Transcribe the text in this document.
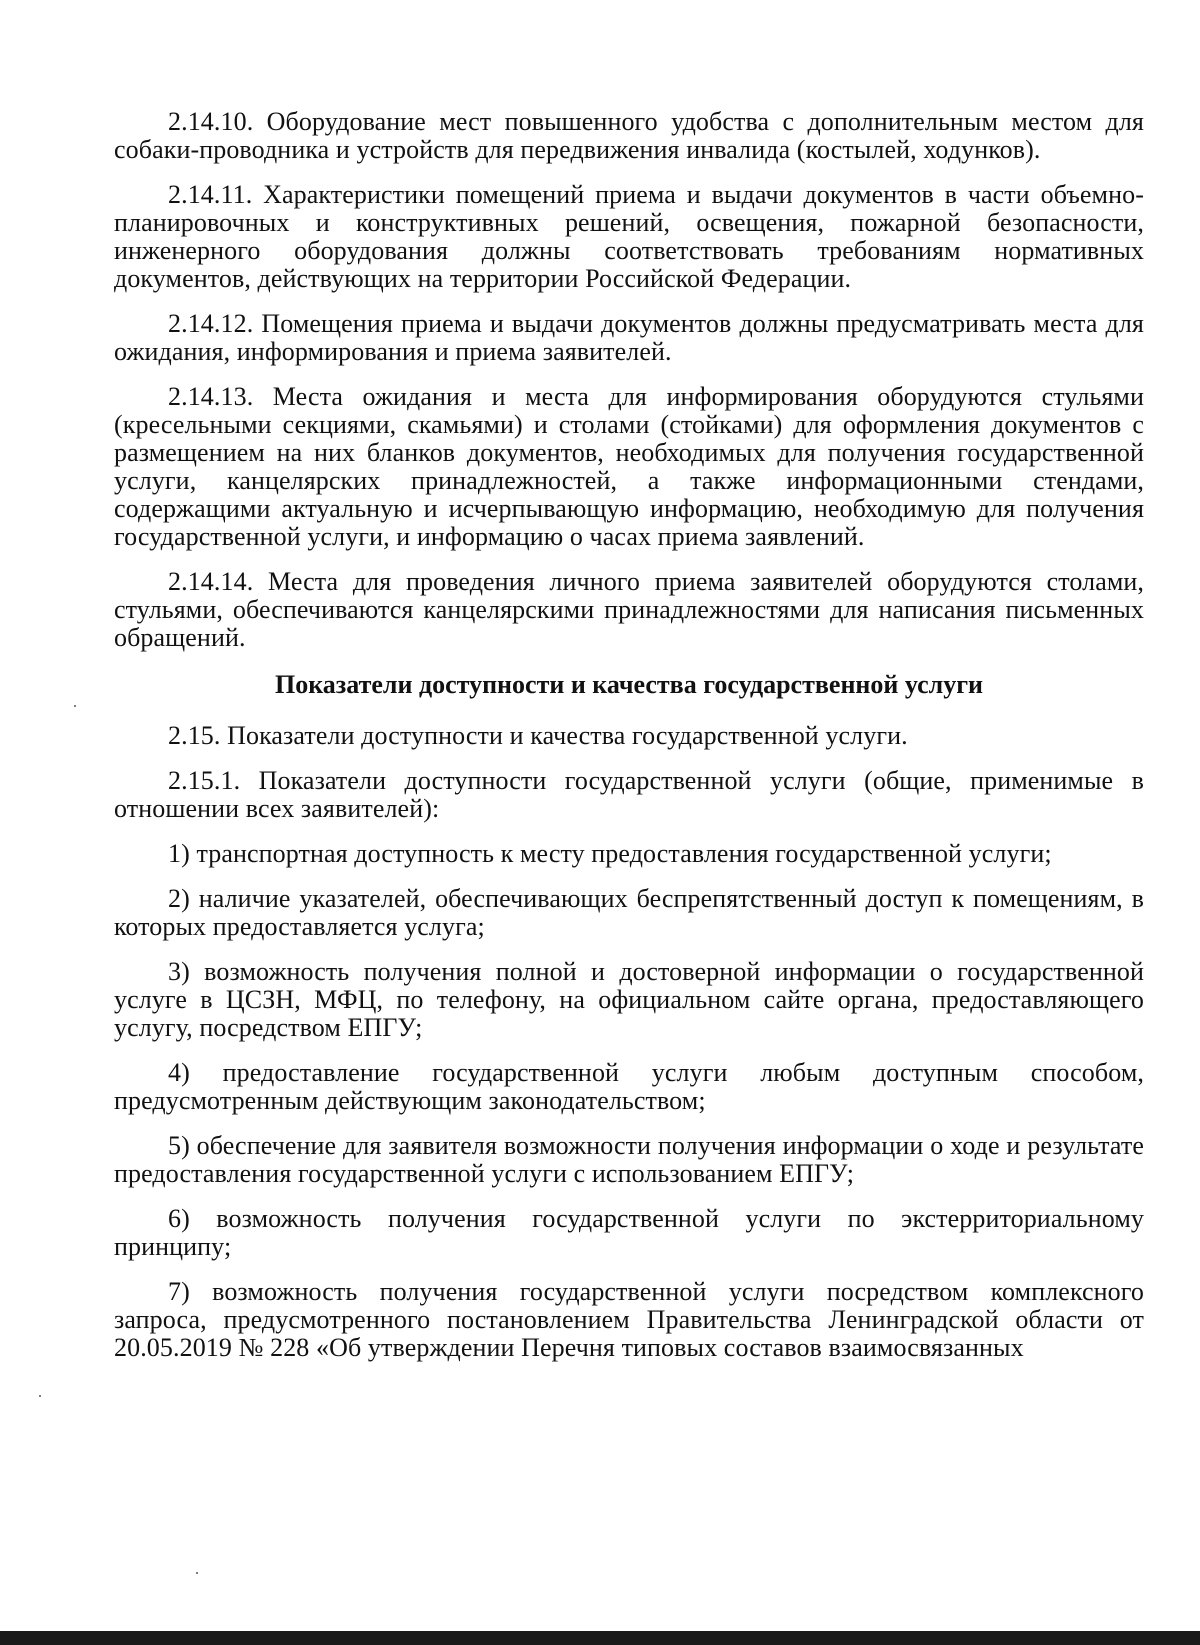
2.14.10. Оборудование мест повышенного удобства с дополнительным местом для собаки-проводника и устройств для передвижения инвалида (костылей, ходунков).

2.14.11. Характеристики помещений приема и выдачи документов в части объемно-планировочных и конструктивных решений, освещения, пожарной безопасности, инженерного оборудования должны соответствовать требованиям нормативных документов, действующих на территории Российской Федерации.

2.14.12. Помещения приема и выдачи документов должны предусматривать места для ожидания, информирования и приема заявителей.

2.14.13. Места ожидания и места для информирования оборудуются стульями (кресельными секциями, скамьями) и столами (стойками) для оформления документов с размещением на них бланков документов, необходимых для получения государственной услуги, канцелярских принадлежностей, а также информационными стендами, содержащими актуальную и исчерпывающую информацию, необходимую для получения государственной услуги, и информацию о часах приема заявлений.

2.14.14. Места для проведения личного приема заявителей оборудуются столами, стульями, обеспечиваются канцелярскими принадлежностями для написания письменных обращений.

Показатели доступности и качества государственной услуги

2.15. Показатели доступности и качества государственной услуги.

2.15.1. Показатели доступности государственной услуги (общие, применимые в отношении всех заявителей):

1) транспортная доступность к месту предоставления государственной услуги;

2) наличие указателей, обеспечивающих беспрепятственный доступ к помещениям, в которых предоставляется услуга;

3) возможность получения полной и достоверной информации о государственной услуге в ЦСЗН, МФЦ, по телефону, на официальном сайте органа, предоставляющего услугу, посредством ЕПГУ;

4) предоставление государственной услуги любым доступным способом, предусмотренным действующим законодательством;

5) обеспечение для заявителя возможности получения информации о ходе и результате предоставления государственной услуги с использованием ЕПГУ;

6) возможность получения государственной услуги по экстерриториальному принципу;

7) возможность получения государственной услуги посредством комплексного запроса, предусмотренного постановлением Правительства Ленинградской области от 20.05.2019 № 228 «Об утверждении Перечня типовых составов взаимосвязанных
